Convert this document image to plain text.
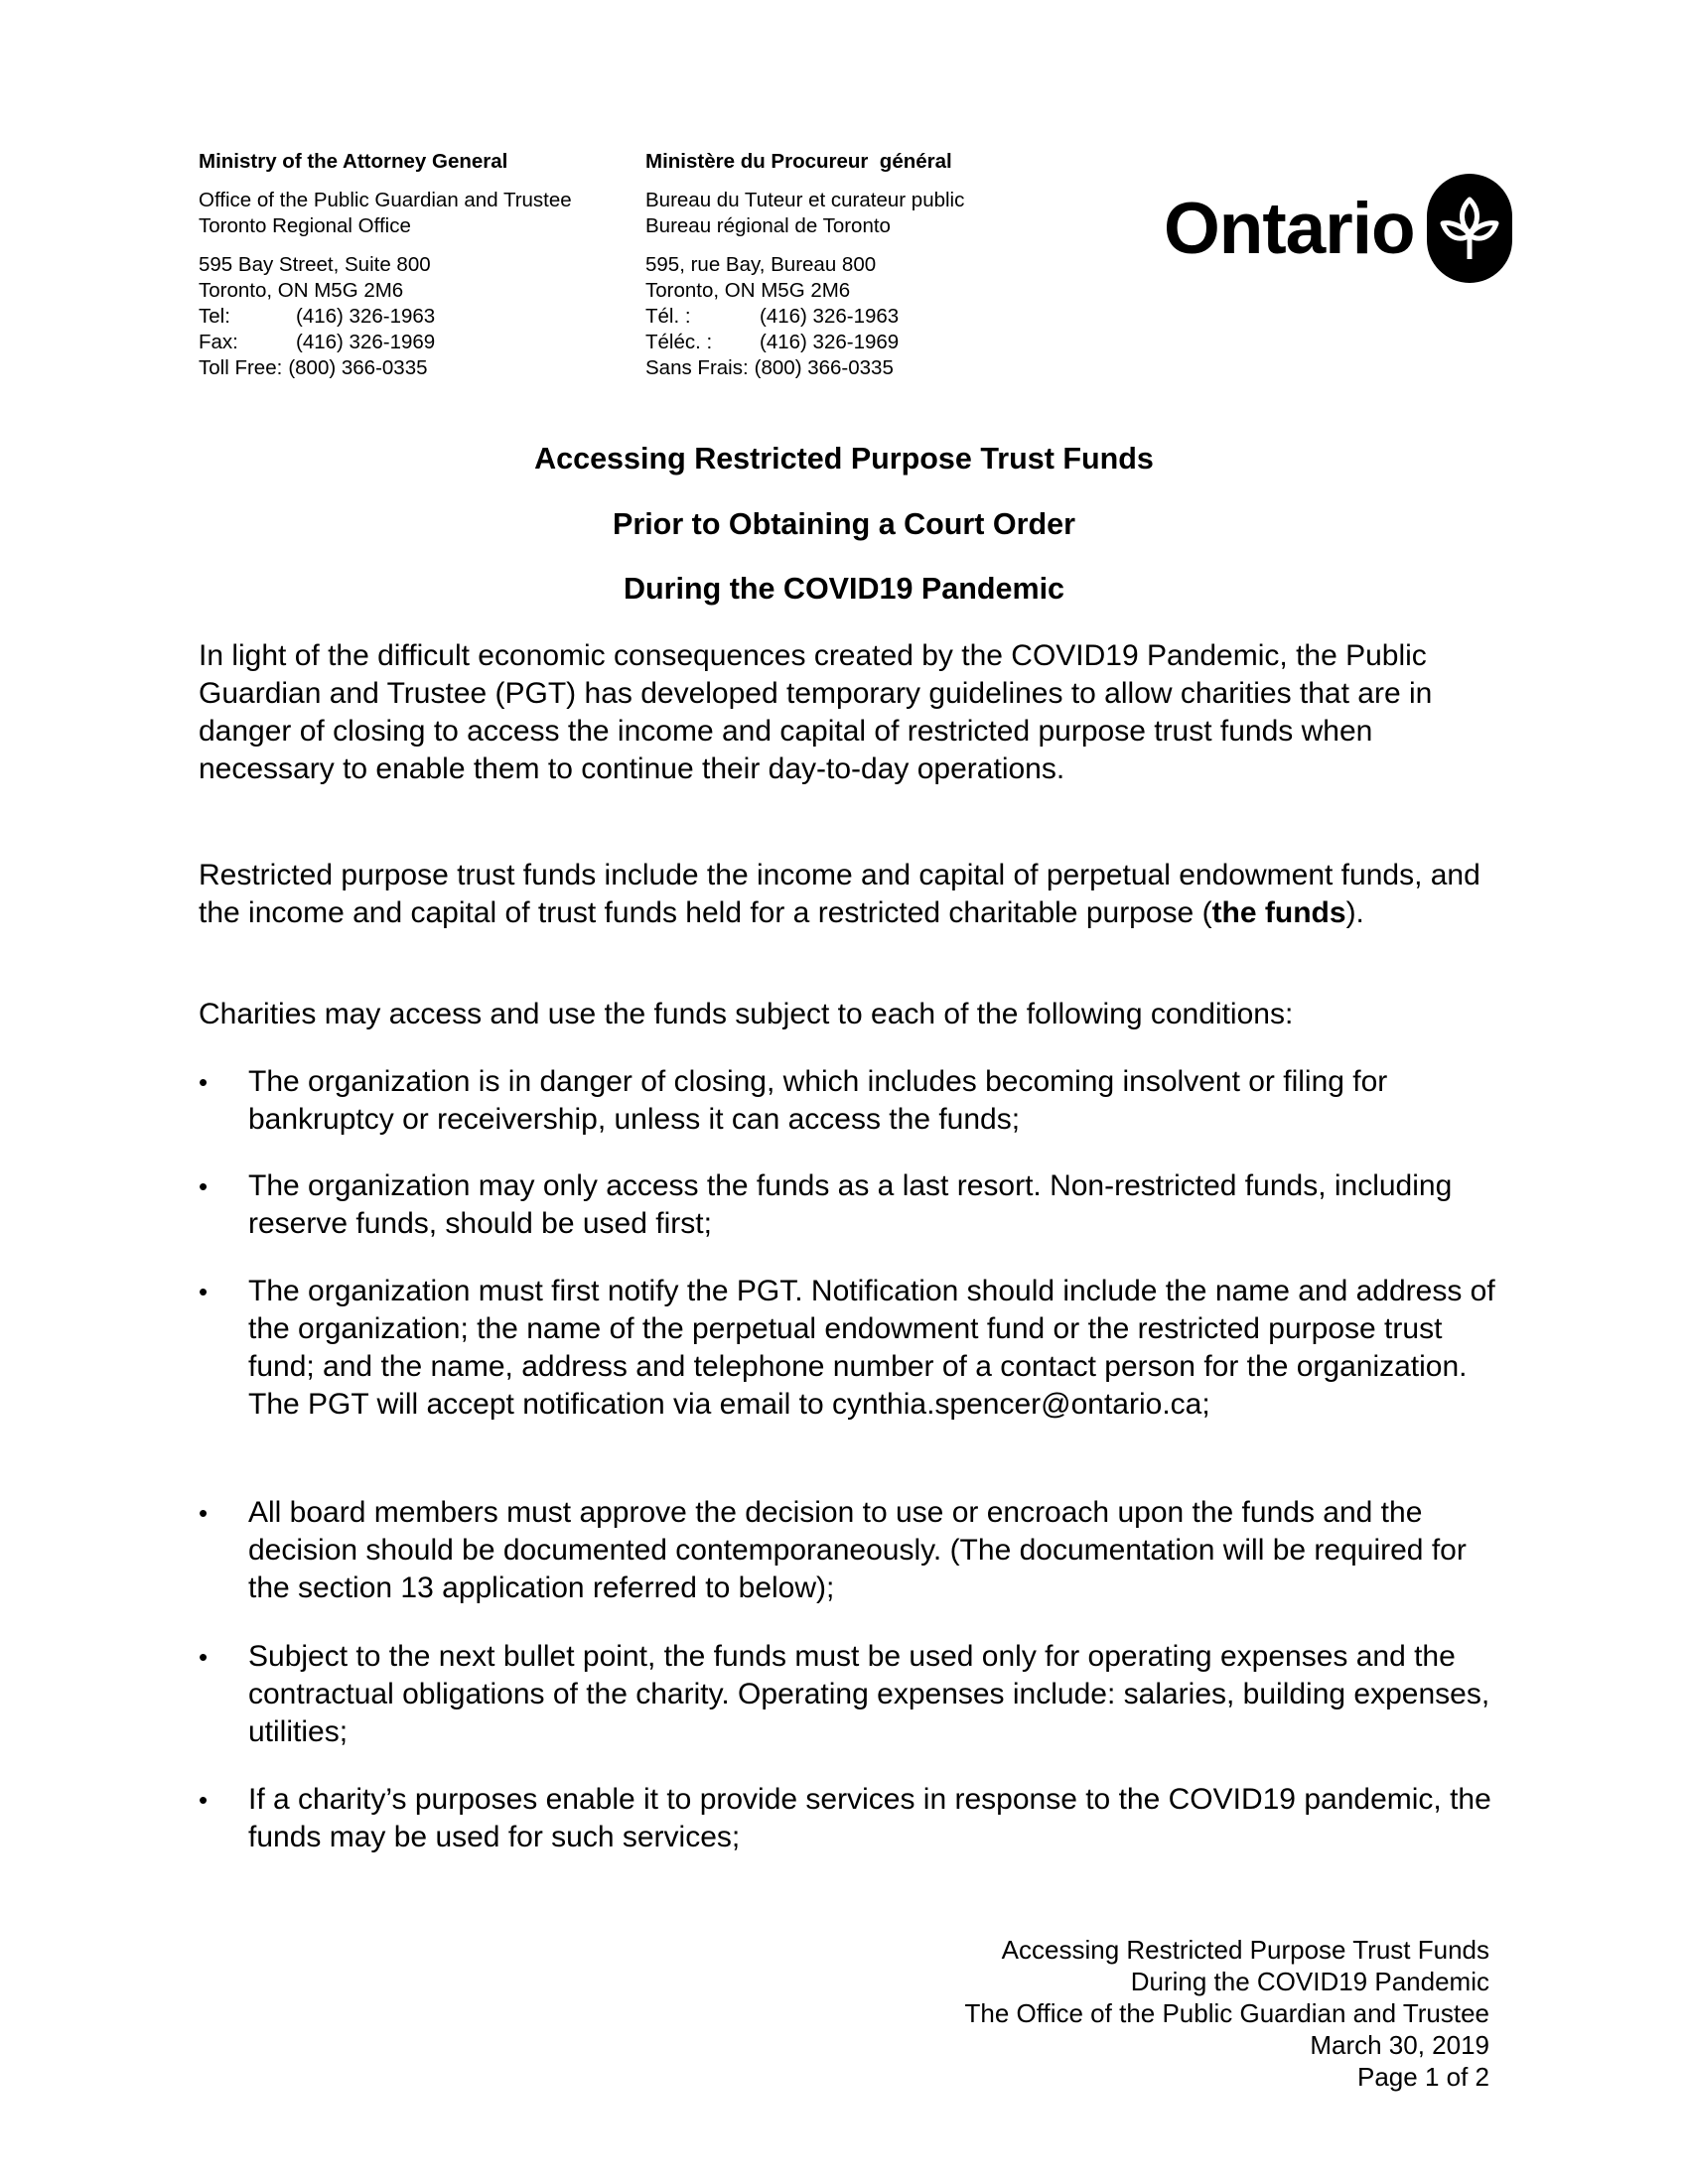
Ministry of the Attorney General
Office of the Public Guardian and Trustee
Toronto Regional Office
595 Bay Street, Suite 800
Toronto, ON M5G 2M6
Tel:	(416) 326-1963
Fax:	(416) 326-1969
Toll Free: (800) 366-0335
Ministère du Procureur  général
Bureau du Tuteur et curateur public
Bureau régional de Toronto
595, rue Bay, Bureau 800
Toronto, ON M5G 2M6
Tél. :	(416) 326-1963
Téléc. :	(416) 326-1969
Sans Frais: (800) 366-0335
Ontario
Accessing Restricted Purpose Trust Funds
Prior to Obtaining a Court Order
During the COVID19 Pandemic
In light of the difficult economic consequences created by the COVID19 Pandemic, the Public Guardian and Trustee (PGT) has developed temporary guidelines to allow charities that are in danger of closing to access the income and capital of restricted purpose trust funds when necessary to enable them to continue their day-to-day operations.
Restricted purpose trust funds include the income and capital of perpetual endowment funds, and the income and capital of trust funds held for a restricted charitable purpose (the funds).
Charities may access and use the funds subject to each of the following conditions:
•	The organization is in danger of closing, which includes becoming insolvent or filing for bankruptcy or receivership, unless it can access the funds;
•	The organization may only access the funds as a last resort. Non-restricted funds, including reserve funds, should be used first;
•	The organization must first notify the PGT. Notification should include the name and address of the organization; the name of the perpetual endowment fund or the restricted purpose trust fund; and the name, address and telephone number of a contact person for the organization. The PGT will accept notification via email to cynthia.spencer@ontario.ca;
•	All board members must approve the decision to use or encroach upon the funds and the decision should be documented contemporaneously. (The documentation will be required for the section 13 application referred to below);
•	Subject to the next bullet point, the funds must be used only for operating expenses and the contractual obligations of the charity. Operating expenses include: salaries, building expenses, utilities;
•	If a charity’s purposes enable it to provide services in response to the COVID19 pandemic, the funds may be used for such services;
Accessing Restricted Purpose Trust Funds
During the COVID19 Pandemic
The Office of the Public Guardian and Trustee
March 30, 2019
Page 1 of 2
